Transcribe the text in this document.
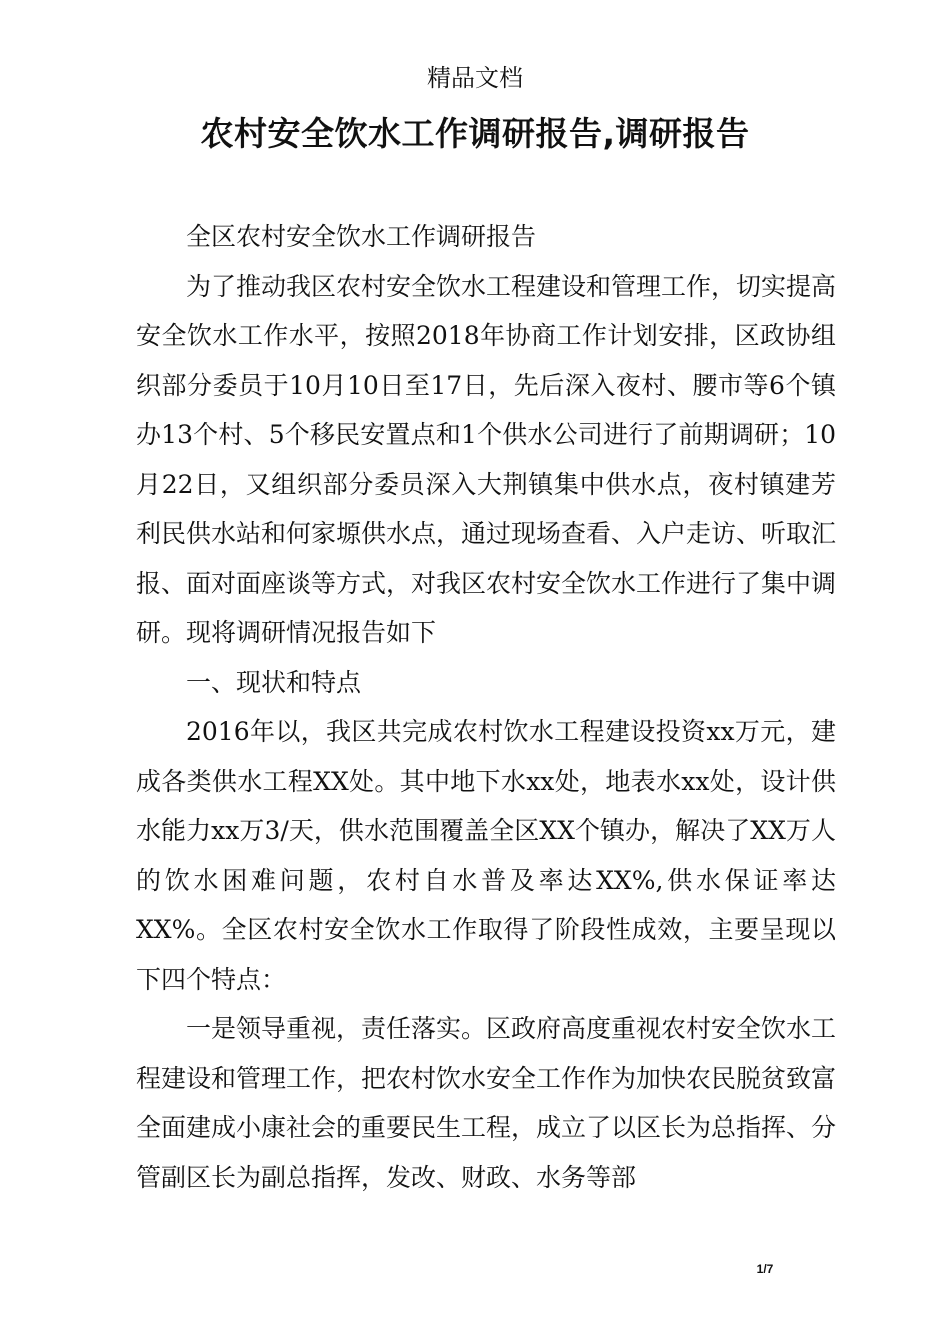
精品文档
农村安全饮水工作调研报告,调研报告

全区农村安全饮水工作调研报告

为了推动我区农村安全饮水工程建设和管理工作，切实提高安全饮水工作水平，按照2018年协商工作计划安排，区政协组织部分委员于10月10日至17日，先后深入夜村、腰市等6个镇办13个村、5个移民安置点和1个供水公司进行了前期调研；10月22日，又组织部分委员深入大荆镇集中供水点，夜村镇建芳利民供水站和何家塬供水点，通过现场查看、入户走访、听取汇报、面对面座谈等方式，对我区农村安全饮水工作进行了集中调研。现将调研情况报告如下

一、现状和特点

2016年以，我区共完成农村饮水工程建设投资xx万元，建成各类供水工程XX处。其中地下水xx处，地表水xx处，设计供水能力xx万3/天，供水范围覆盖全区XX个镇办，解决了XX万人的饮水困难问题，农村自水普及率达XX%,供水保证率达XX%。全区农村安全饮水工作取得了阶段性成效，主要呈现以下四个特点：

一是领导重视，责任落实。区政府高度重视农村安全饮水工程建设和管理工作，把农村饮水安全工作作为加快农民脱贫致富全面建成小康社会的重要民生工程，成立了以区长为总指挥、分管副区长为副总指挥，发改、财政、水务等部

1/7
